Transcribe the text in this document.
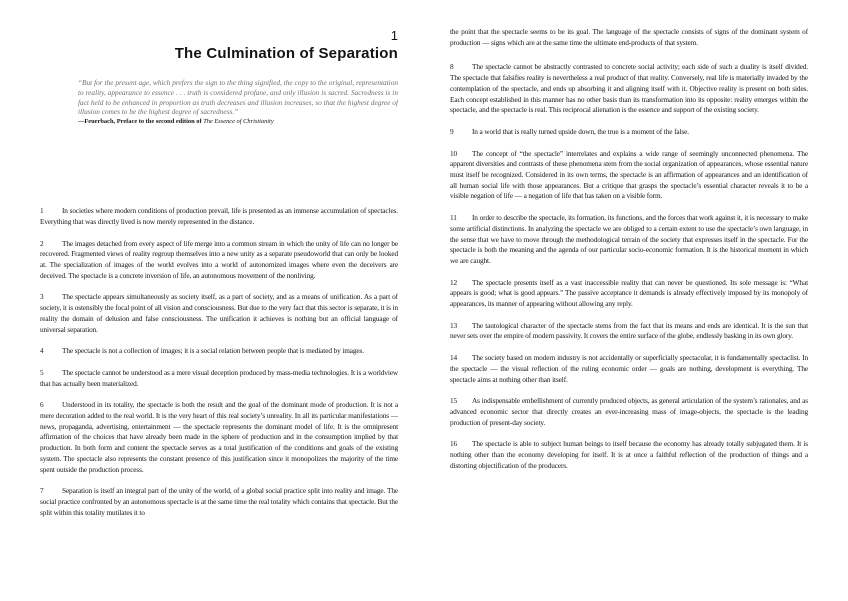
1
The Culmination of Separation
“But for the present age, which prefers the sign to the thing signified, the copy to the original, representation to reality, appearance to essence . . . truth is considered profane, and only illusion is sacred. Sacredness is in fact held to be enhanced in proportion as truth decreases and illusion increases, so that the highest degree of illusion comes to be the highest degree of sacredness.”
—Feuerbach, Preface to the second edition of The Essence of Christianity

1	In societies where modern conditions of production prevail, life is presented as an immense accumulation of spectacles. Everything that was directly lived is now merely represented in the distance.

2	The images detached from every aspect of life merge into a common stream in which the unity of life can no longer be recovered. Fragmented views of reality regroup themselves into a new unity as a separate pseudoworld that can only be looked at. The specialization of images of the world evolves into a world of autonomized images where even the deceivers are deceived. The spectacle is a concrete inversion of life, an autonomous movement of the nonliving.

3	The spectacle appears simultaneously as society itself, as a part of society, and as a means of unification. As a part of society, it is ostensibly the focal point of all vision and consciousness. But due to the very fact that this sector is separate, it is in reality the domain of delusion and false consciousness. The unification it achieves is nothing but an official language of universal separation.

4	The spectacle is not a collection of images; it is a social relation between people that is mediated by images.

5	The spectacle cannot be understood as a mere visual deception produced by mass-media technologies. It is a worldview that has actually been materialized.

6	Understood in its totality, the spectacle is both the result and the goal of the dominant mode of production. It is not a mere decoration added to the real world. It is the very heart of this real society’s unreality. In all its particular manifestations — news, propaganda, advertising, entertainment — the spectacle represents the dominant model of life. It is the omnipresent affirmation of the choices that have already been made in the sphere of production and in the consumption implied by that production. In both form and content the spectacle serves as a total justification of the conditions and goals of the existing system. The spectacle also represents the constant presence of this justification since it monopolizes the majority of the time spent outside the production process.

7	Separation is itself an integral part of the unity of the world, of a global social practice split into reality and image. The social practice confronted by an autonomous spectacle is at the same time the real totality which contains that spectacle. But the split within this totality mutilates it to

the point that the spectacle seems to be its goal. The language of the spectacle consists of signs of the dominant system of production — signs which are at the same time the ultimate end-products of that system.

8	The spectacle cannot be abstractly contrasted to concrete social activity; each side of such a duality is itself divided. The spectacle that falsifies reality is nevertheless a real product of that reality. Conversely, real life is materially invaded by the contemplation of the spectacle, and ends up absorbing it and aligning itself with it. Objective reality is present on both sides. Each concept established in this manner has no other basis than its transformation into its opposite: reality emerges within the spectacle, and the spectacle is real. This reciprocal alienation is the essence and support of the existing society.

9	In a world that is really turned upside down, the true is a moment of the false.

10 The concept of “the spectacle” interrelates and explains a wide range of seemingly unconnected phenomena. The apparent diversities and contrasts of these phenomena stem from the social organization of appearances, whose essential nature must itself be recognized. Considered in its own terms, the spectacle is an affirmation of appearances and an identification of all human social life with those appearances. But a critique that grasps the spectacle’s essential character reveals it to be a visible negation of life — a negation of life that has taken on a visible form.

11 In order to describe the spectacle, its formation, its functions, and the forces that work against it, it is necessary to make some artificial distinctions. In analyzing the spectacle we are obliged to a certain extent to use the spectacle’s own language, in the sense that we have to move through the methodological terrain of the society that expresses itself in the spectacle. For the spectacle is both the meaning and the agenda of our particular socio-economic formation. It is the historical moment in which we are caught.

12 The spectacle presents itself as a vast inaccessible reality that can never be questioned. Its sole message is: “What appears is good; what is good appears.” The passive acceptance it demands is already effectively imposed by its monopoly of appearances, its manner of appearing without allowing any reply.

13 The tautological character of the spectacle stems from the fact that its means and ends are identical. It is the sun that never sets over the empire of modern passivity. It covers the entire surface of the globe, endlessly basking in its own glory.

14 The society based on modern industry is not accidentally or superficially spectacular, it is fundamentally spectaclist. In the spectacle — the visual reflection of the ruling economic order — goals are nothing, development is everything. The spectacle aims at nothing other than itself.

15 As indispensable embellishment of currently produced objects, as general articulation of the system’s rationales, and as advanced economic sector that directly creates an ever-increasing mass of image-objects, the spectacle is the leading production of present-day society.

16 The spectacle is able to subject human beings to itself because the economy has already totally subjugated them. It is nothing other than the economy developing for itself. It is at once a faithful reflection of the production of things and a distorting objectification of the producers.
